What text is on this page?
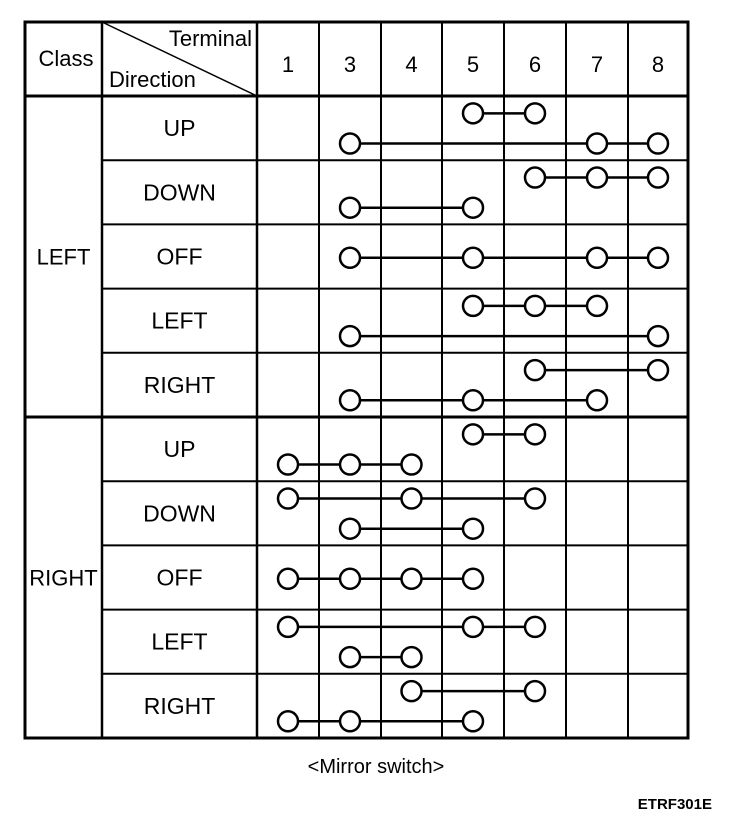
Class
Terminal
Direction
1 3 4 5 6 7 8
LEFT
UP
DOWN
OFF
LEFT
RIGHT
RIGHT
UP
DOWN
OFF
LEFT
RIGHT
<Mirror switch>
ETRF301E
